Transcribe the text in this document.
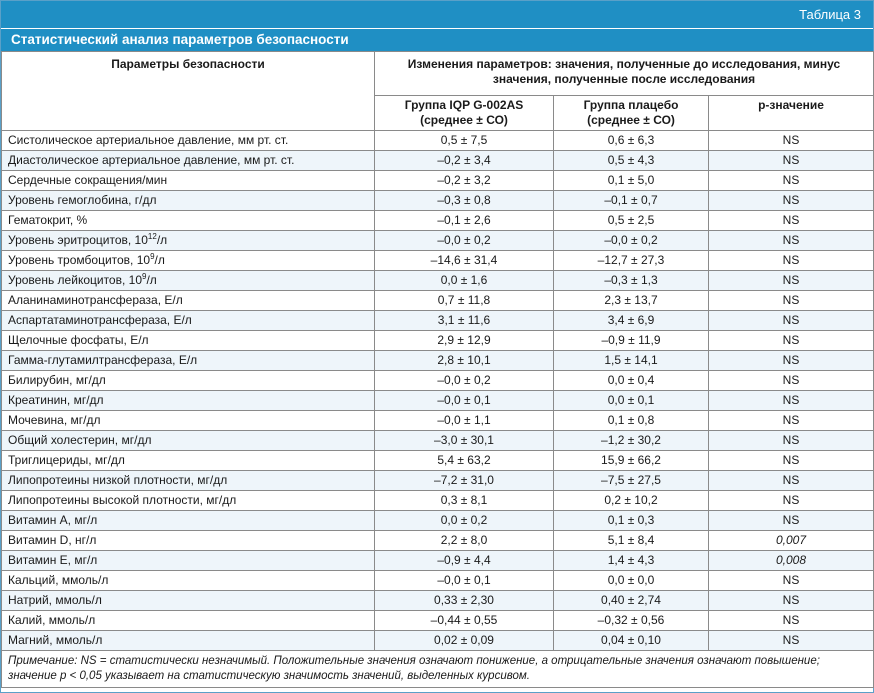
Таблица 3
Статистический анализ параметров безопасности
Параметры безопасности	Изменения параметров: значения, полученные до исследования, минус значения, полученные после исследования		
	Группа IQP G-002AS (среднее ± СО)	Группа плацебо (среднее ± СО)	р-значение
Систолическое артериальное давление, мм рт. ст.	0,5 ± 7,5	0,6 ± 6,3	NS
Диастолическое артериальное давление, мм рт. ст.	–0,2 ± 3,4	0,5 ± 4,3	NS
Сердечные сокращения/мин	–0,2 ± 3,2	0,1 ± 5,0	NS
Уровень гемоглобина, г/дл	–0,3 ± 0,8	–0,1 ± 0,7	NS
Гематокрит, %	–0,1 ± 2,6	0,5 ± 2,5	NS
Уровень эритроцитов, $10^{12}/л$	–0,0 ± 0,2	–0,0 ± 0,2	NS
Уровень тромбоцитов, $10^9/л$	–14,6 ± 31,4	–12,7 ± 27,3	NS
Уровень лейкоцитов, $10^9/л$	0,0 ± 1,6	–0,3 ± 1,3	NS
Аланинаминотрансфераза, Е/л	0,7 ± 11,8	2,3 ± 13,7	NS
Аспартатаминотрансфераза, Е/л	3,1 ± 11,6	3,4 ± 6,9	NS
Щелочные фосфаты, Е/л	2,9 ± 12,9	–0,9 ± 11,9	NS
Гамма-глутамилтрансфераза, Е/л	2,8 ± 10,1	1,5 ± 14,1	NS
Билирубин, мг/дл	–0,0 ± 0,2	0,0 ± 0,4	NS
Креатинин, мг/дл	–0,0 ± 0,1	0,0 ± 0,1	NS
Мочевина, мг/дл	–0,0 ± 1,1	0,1 ± 0,8	NS
Общий холестерин, мг/дл	–3,0 ± 30,1	–1,2 ± 30,2	NS
Триглицериды, мг/дл	5,4 ± 63,2	15,9 ± 66,2	NS
Липопротеины низкой плотности, мг/дл	–7,2 ± 31,0	–7,5 ± 27,5	NS
Липопротеины высокой плотности, мг/дл	0,3 ± 8,1	0,2 ± 10,2	NS
Витамин А, мг/л	0,0 ± 0,2	0,1 ± 0,3	NS
Витамин D, нг/л	2,2 ± 8,0	5,1 ± 8,4	0,007
Витамин Е, мг/л	–0,9 ± 4,4	1,4 ± 4,3	0,008
Кальций, ммоль/л	–0,0 ± 0,1	0,0 ± 0,0	NS
Натрий, ммоль/л	0,33 ± 2,30	0,40 ± 2,74	NS
Калий, ммоль/л	–0,44 ± 0,55	–0,32 ± 0,56	NS
Магний, ммоль/л	0,02 ± 0,09	0,04 ± 0,10	NS
Примечание: NS = статистически незначимый. Положительные значения означают понижение, а отрицательные значения означают повышение; значение р < 0,05 указывает на статистическую значимость значений, выделенных курсивом.			
